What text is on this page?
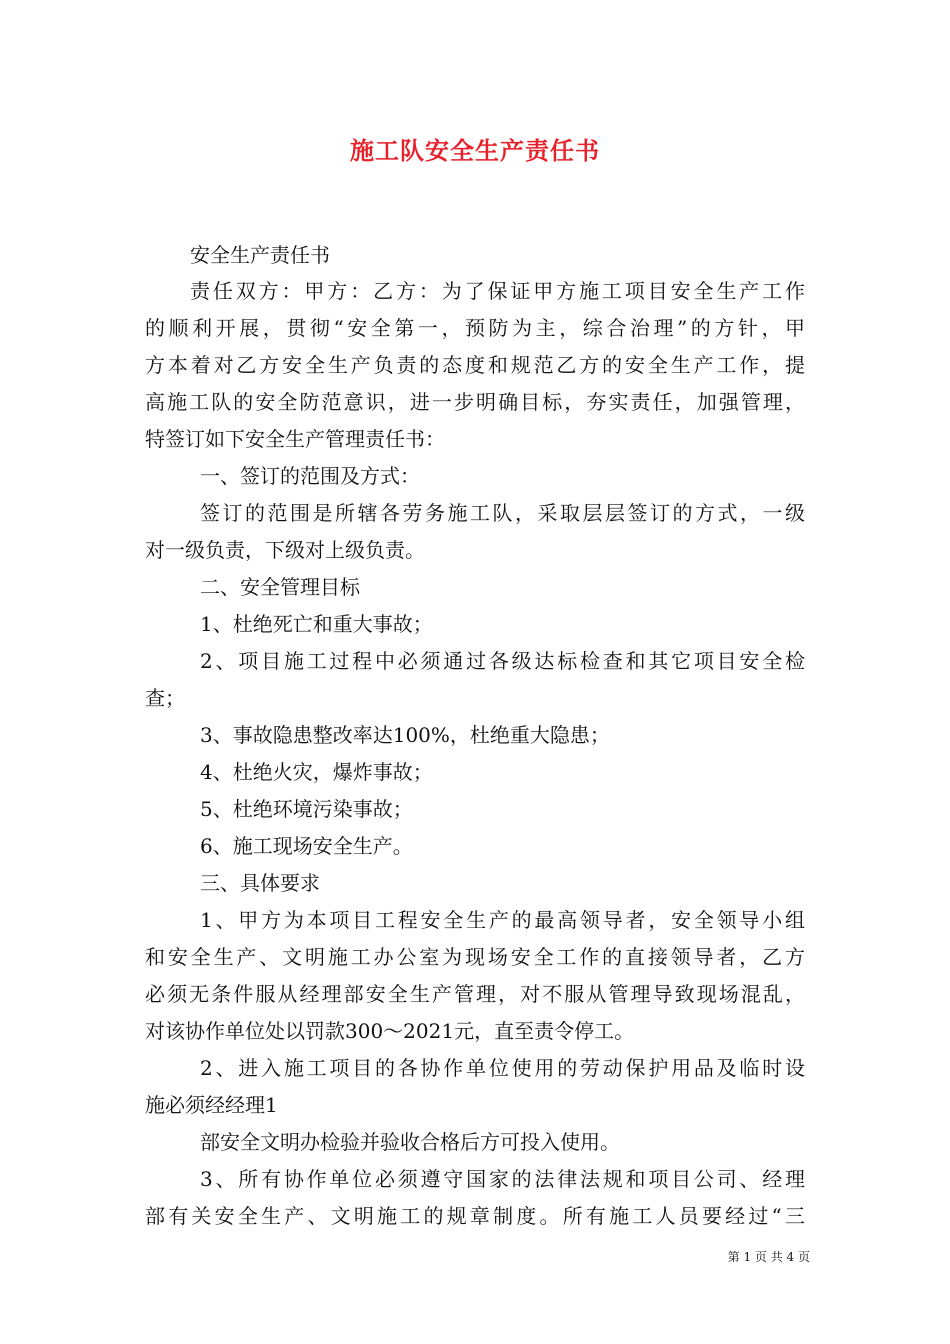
施工队安全生产责任书
安全生产责任书
责任双方：甲方：乙方：为了保证甲方施工项目安全生产工作
的顺利开展，贯彻“安全第一，预防为主，综合治理”的方针，甲
方本着对乙方安全生产负责的态度和规范乙方的安全生产工作，提
高施工队的安全防范意识，进一步明确目标，夯实责任，加强管理，
特签订如下安全生产管理责任书：
一、签订的范围及方式：
签订的范围是所辖各劳务施工队，采取层层签订的方式，一级
对一级负责，下级对上级负责。
二、安全管理目标
1、杜绝死亡和重大事故；
2、项目施工过程中必须通过各级达标检查和其它项目安全检
查；
3、事故隐患整改率达100%，杜绝重大隐患；
4、杜绝火灾，爆炸事故；
5、杜绝环境污染事故；
6、施工现场安全生产。
三、具体要求
1、甲方为本项目工程安全生产的最高领导者，安全领导小组
和安全生产、文明施工办公室为现场安全工作的直接领导者，乙方
必须无条件服从经理部安全生产管理，对不服从管理导致现场混乱，
对该协作单位处以罚款300～2021元，直至责令停工。
2、进入施工项目的各协作单位使用的劳动保护用品及临时设
施必须经经理1
部安全文明办检验并验收合格后方可投入使用。
3、所有协作单位必须遵守国家的法律法规和项目公司、经理
部有关安全生产、文明施工的规章制度。所有施工人员要经过“三
第 1 页 共 4 页
